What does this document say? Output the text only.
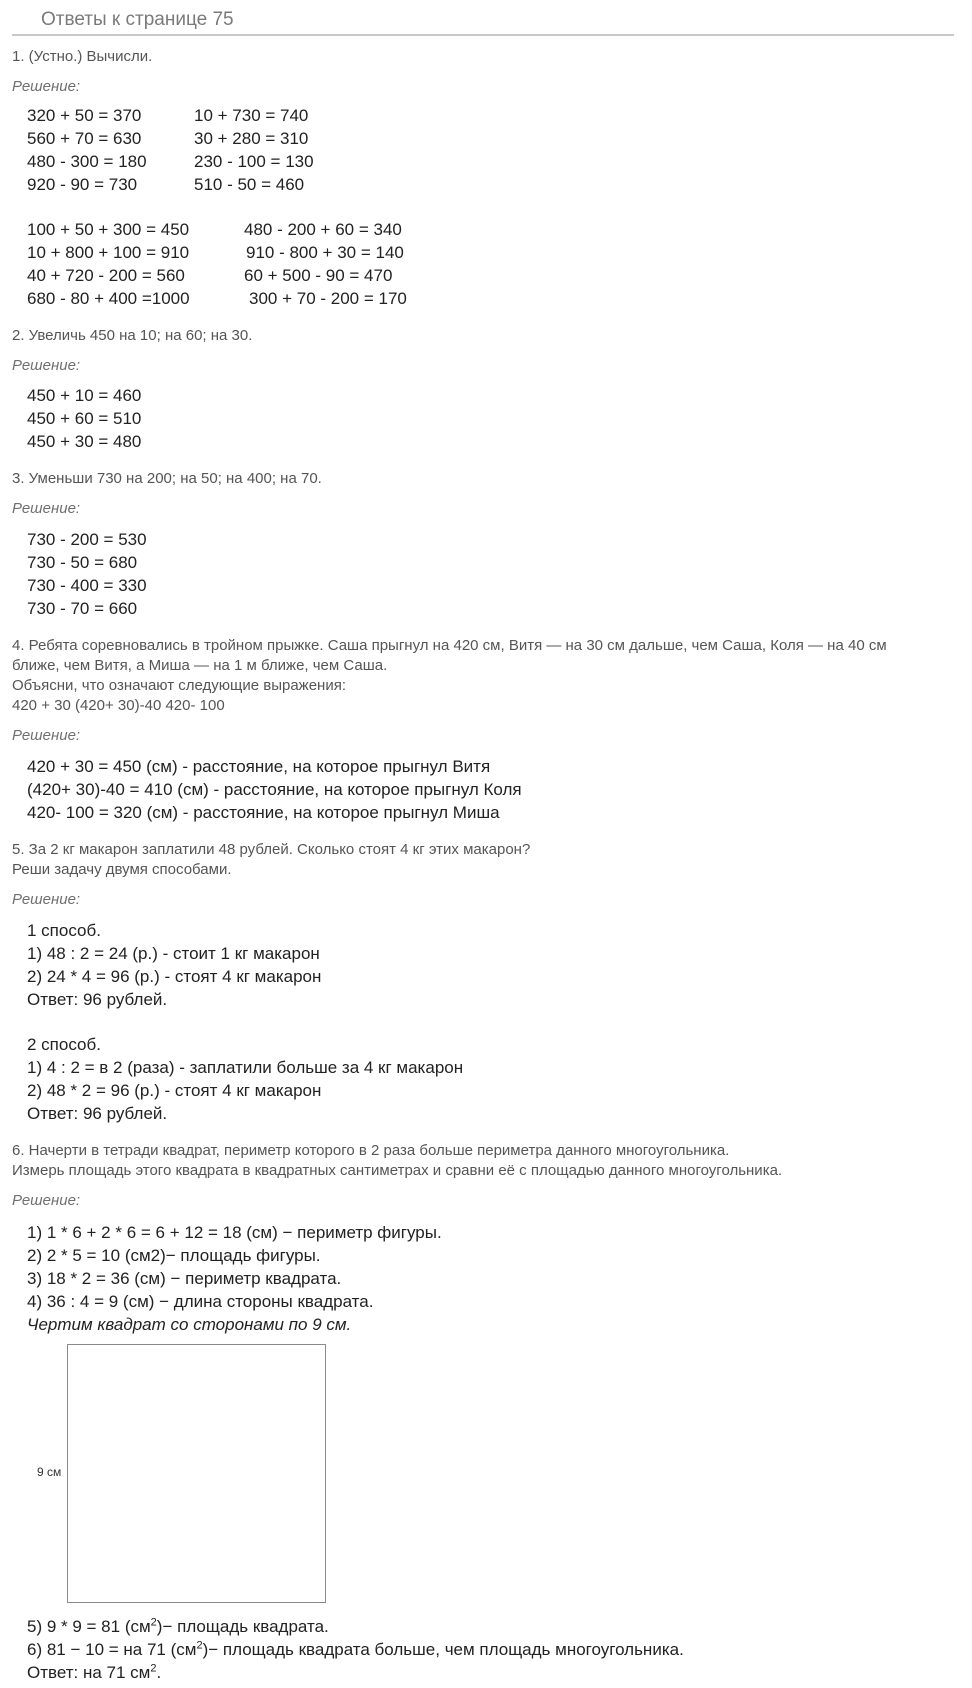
Ответы к странице 75
1. (Устно.) Вычисли.
Решение:
320 + 50 = 370
560 + 70 = 630
480 - 300 = 180
920 - 90 = 730
10 + 730 = 740
30 + 280 = 310
230 - 100 = 130
510 - 50 = 460
100 + 50 + 300 = 450
10 + 800 + 100 = 910
40 + 720 - 200 = 560
680 - 80 + 400 =1000
480 - 200 + 60 = 340
910 - 800 + 30 = 140
60 + 500 - 90 = 470
300 + 70 - 200 = 170
2. Увеличь 450 на 10; на 60; на 30.
Решение:
450 + 10 = 460
450 + 60 = 510
450 + 30 = 480
3. Уменьши 730 на 200; на 50; на 400; на 70.
Решение:
730 - 200 = 530
730 - 50 = 680
730 - 400 = 330
730 - 70 = 660
4. Ребята соревновались в тройном прыжке. Саша прыгнул на 420 см, Витя — на 30 см дальше, чем Саша, Коля — на 40 см
ближе, чем Витя, а Миша — на 1 м ближе, чем Саша.
Объясни, что означают следующие выражения:
420 + 30 (420+ 30)-40 420- 100
Решение:
420 + 30 = 450 (см) - расстояние, на которое прыгнул Витя
(420+ 30)-40 = 410 (см) - расстояние, на которое прыгнул Коля
420- 100 = 320 (см) - расстояние, на которое прыгнул Миша
5. За 2 кг макарон заплатили 48 рублей. Сколько стоят 4 кг этих макарон?
Реши задачу двумя способами.
Решение:
1 способ.
1) 48 : 2 = 24 (р.) - стоит 1 кг макарон
2) 24 * 4 = 96 (р.) - стоят 4 кг макарон
Ответ: 96 рублей.
2 способ.
1) 4 : 2 = в 2 (раза) - заплатили больше за 4 кг макарон
2) 48 * 2 = 96 (р.) - стоят 4 кг макарон
Ответ: 96 рублей.
6. Начерти в тетради квадрат, периметр которого в 2 раза больше периметра данного многоугольника.
Измерь площадь этого квадрата в квадратных сантиметрах и сравни её с площадью данного многоугольника.
Решение:
1) 1 * 6 + 2 * 6 = 6 + 12 = 18 (см) − периметр фигуры.
2) 2 * 5 = 10 (см2)− площадь фигуры.
3) 18 * 2 = 36 (см) − периметр квадрата.
4) 36 : 4 = 9 (см) − длина стороны квадрата.
Чертим квадрат со сторонами по 9 см.
9 см
5) 9 * 9 = 81 $(см^2)-$ площадь квадрата.
6) 81 − 10 = на 71 $(см^2)-$ площадь квадрата больше, чем площадь многоугольника.
Ответ: на 71 $см^2$.
